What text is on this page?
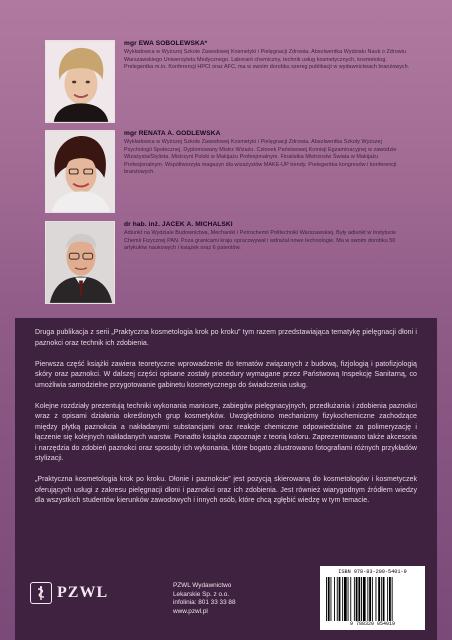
mgr EWA SOBOLEWSKA*
Wykładowca w Wyższej Szkole Zawodowej Kosmetyki i Pielęgnacji Zdrowia. Absolwentka Wydziału Nauk o Zdrowiu Warszawskiego Uniwersytetu Medycznego. Laborant chemiczny, technik usług kosmetycznych, kosmetolog. Prelegentka m.in. Konferencji HPCI oraz AFC, ma w swoim dorobku szereg publikacji w wydawnictwach branżowych.
mgr RENATA A. GODLEWSKA
Wykładowca w Wyższej Szkole Zawodowej Kosmetyki i Pielęgnacji Zdrowia. Absolwentka Szkoły Wyższej Psychologii Społecznej. Dyplomowany Mistrz Wizażu. Członek Państwowej Komisji Egzaminacyjnej w zawodzie Wizażysta/Stylista. Mistrzyni Polski w Makijażu Profesjonalnym. Finalistka Mistrzostw Świata w Makijażu Profesjonalnym. Współtworzyła magazyn dla wizażystów MAKE-UP trendy. Prelegentka kongresów i konferencji branżowych.
dr hab. inż. JACEK A. MICHALSKI
Adiunkt na Wydziale Budownictwa, Mechaniki i Petrochemii Politechniki Warszawskiej. Były adiunkt w Instytucie Chemii Fizycznej PAN. Poza granicami kraju opracowywał i wdrażał nowe technologie. Ma w swoim dorobku 50 artykułów naukowych i książek oraz 6 patentów.

Druga publikacja z serii „Praktyczna kosmetologia krok po kroku” tym razem przedstawiająca tematykę pielęgnacji dłoni i paznokci oraz technik ich zdobienia.

Pierwsza część książki zawiera teoretyczne wprowadzenie do tematów związanych z budową, fizjologią i patofizjologią skóry oraz paznokci. W dalszej części opisane zostały procedury wymagane przez Państwową Inspekcję Sanitarną, co umożliwia samodzielne przygotowanie gabinetu kosmetycznego do świadczenia usług.

Kolejne rozdziały prezentują techniki wykonania manicure, zabiegów pielęgnacyjnych, przedłużania i zdobienia paznokci wraz z opisami działania określonych grup kosmetyków. Uwzględniono mechanizmy fizykochemiczne zachodzące między płytką paznokcia a nakładanymi substancjami oraz reakcje chemiczne odpowiedzialne za polimeryzację i łączenie się kolejnych nakładanych warstw. Ponadto książka zapoznaje z teorią koloru. Zaprezentowano także akcesoria i narzędzia do zdobień paznokci oraz sposoby ich wykonania, które bogato zilustrowano fotografiami różnych przykładów stylizacji.

„Praktyczna kosmetologia krok po kroku. Dłonie i paznokcie” jest pozycją skierowaną do kosmetologów i kosmetyczek oferujących usługi z zakresu pielęgnacji dłoni i paznokci oraz ich zdobienia. Jest również wiarygodnym źródłem wiedzy dla wszystkich studentów kierunków zawodowych i innych osób, które chcą zgłębić wiedzę w tym temacie.

PZWL	PZWL Wydawnictwo
Lekarskie Sp. z o.o.
infolinia: 801 33 33 88
www.pzwl.pl
ISBN 978-83-200-5401-9
9 788320 054019
